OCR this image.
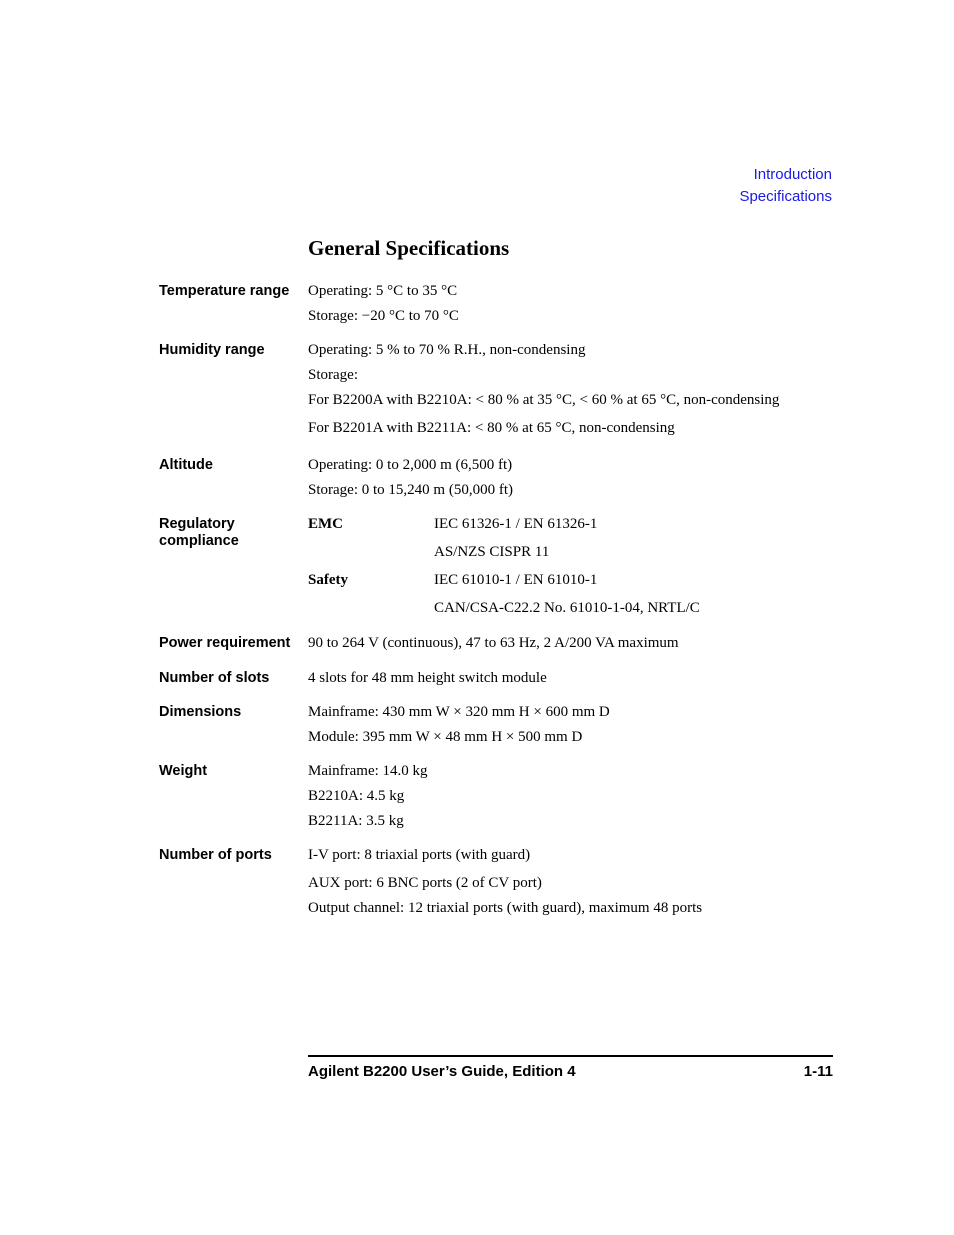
Introduction
Specifications
General Specifications
Temperature range	Operating: 5 °C to 35 °C
Storage: −20 °C to 70 °C
Humidity range	Operating: 5 % to 70 % R.H., non-condensing
Storage:
For B2200A with B2210A: < 80 % at 35 °C, < 60 % at 65 °C, non-condensing
For B2201A with B2211A: < 80 % at 65 °C, non-condensing
Altitude	Operating: 0 to 2,000 m (6,500 ft)
Storage: 0 to 15,240 m (50,000 ft)
Regulatory compliance
EMC	IEC 61326-1 / EN 61326-1
AS/NZS CISPR 11
Safety	IEC 61010-1 / EN 61010-1
CAN/CSA-C22.2 No. 61010-1-04, NRTL/C
Power requirement	90 to 264 V (continuous), 47 to 63 Hz, 2 A/200 VA maximum
Number of slots	4 slots for 48 mm height switch module
Dimensions	Mainframe: 430 mm W × 320 mm H × 600 mm D
Module: 395 mm W × 48 mm H × 500 mm D
Weight	Mainframe: 14.0 kg
B2210A: 4.5 kg
B2211A: 3.5 kg
Number of ports	I-V port: 8 triaxial ports (with guard)
AUX port: 6 BNC ports (2 of CV port)
Output channel: 12 triaxial ports (with guard), maximum 48 ports
Agilent B2200 User’s Guide, Edition 4	1-11
